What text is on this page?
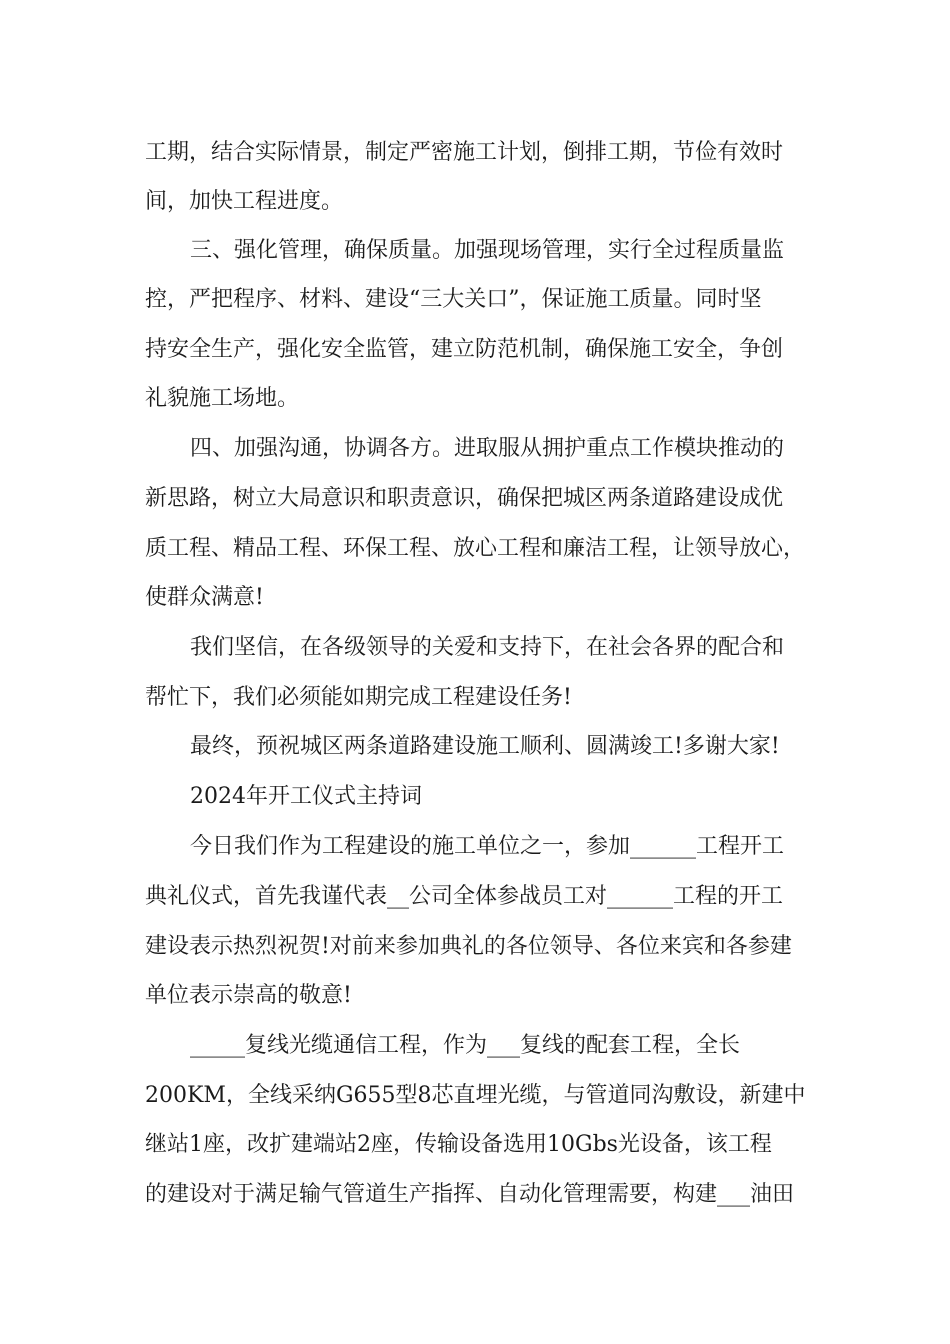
工期，结合实际情景，制定严密施工计划，倒排工期，节俭有效时

间，加快工程进度。

三、强化管理，确保质量。加强现场管理，实行全过程质量监

控，严把程序、材料、建设“三大关口”，保证施工质量。同时坚

持安全生产，强化安全监管，建立防范机制，确保施工安全，争创

礼貌施工场地。

四、加强沟通，协调各方。进取服从拥护重点工作模块推动的

新思路，树立大局意识和职责意识，确保把城区两条道路建设成优

质工程、精品工程、环保工程、放心工程和廉洁工程，让领导放心，

使群众满意!

我们坚信，在各级领导的关爱和支持下，在社会各界的配合和

帮忙下，我们必须能如期完成工程建设任务!

最终，预祝城区两条道路建设施工顺利、圆满竣工!多谢大家!

2024年开工仪式主持词

今日我们作为工程建设的施工单位之一，参加______工程开工

典礼仪式，首先我谨代表__公司全体参战员工对______工程的开工

建设表示热烈祝贺!对前来参加典礼的各位领导、各位来宾和各参建

单位表示崇高的敬意!

_____复线光缆通信工程，作为___复线的配套工程，全长

200KM，全线采纳G655型8芯直埋光缆，与管道同沟敷设，新建中

继站1座，改扩建端站2座，传输设备选用10Gbs光设备，该工程

的建设对于满足输气管道生产指挥、自动化管理需要，构建___油田
